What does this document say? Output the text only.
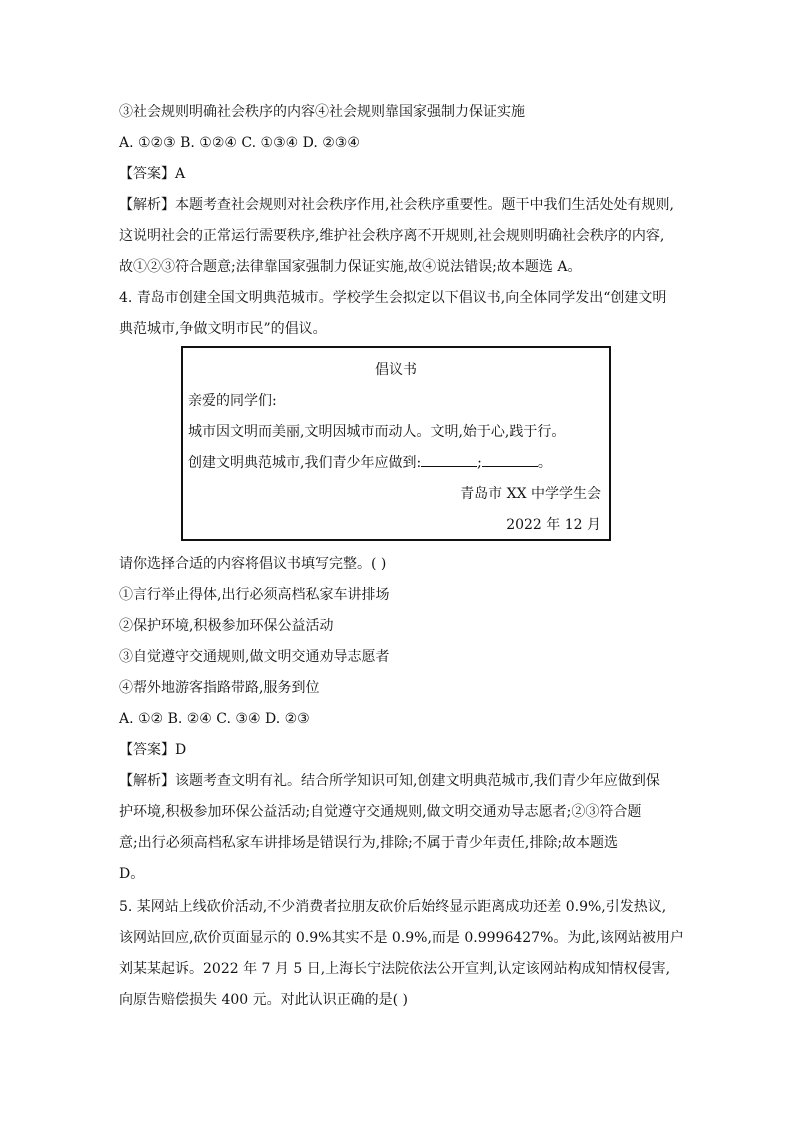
③社会规则明确社会秩序的内容④社会规则靠国家强制力保证实施
A. ①②③ B. ①②④ C. ①③④ D. ②③④
【答案】A
【解析】本题考查社会规则对社会秩序作用,社会秩序重要性。题干中我们生活处处有规则,
这说明社会的正常运行需要秩序,维护社会秩序离不开规则,社会规则明确社会秩序的内容,
故①②③符合题意;法律靠国家强制力保证实施,故④说法错误;故本题选 A。
4. 青岛市创建全国文明典范城市。学校学生会拟定以下倡议书,向全体同学发出“创建文明
典范城市,争做文明市民”的倡议。
倡议书
亲爱的同学们:
城市因文明而美丽,文明因城市而动人。文明,始于心,践于行。
创建文明典范城市,我们青少年应做到:	;	。
青岛市 XX 中学学生会
2022 年 12 月
请你选择合适的内容将倡议书填写完整。( )
①言行举止得体,出行必须高档私家车讲排场
②保护环境,积极参加环保公益活动
③自觉遵守交通规则,做文明交通劝导志愿者
④帮外地游客指路带路,服务到位
A. ①② B. ②④ C. ③④ D. ②③
【答案】D
【解析】该题考查文明有礼。结合所学知识可知,创建文明典范城市,我们青少年应做到保
护环境,积极参加环保公益活动;自觉遵守交通规则,做文明交通劝导志愿者;②③符合题
意;出行必须高档私家车讲排场是错误行为,排除;不属于青少年责任,排除;故本题选
D。
5. 某网站上线砍价活动,不少消费者拉朋友砍价后始终显示距离成功还差 0.9%,引发热议,
该网站回应,砍价页面显示的 0.9%其实不是 0.9%,而是 0.9996427%。为此,该网站被用户
刘某某起诉。2022 年 7 月 5 日,上海长宁法院依法公开宣判,认定该网站构成知情权侵害,
向原告赔偿损失 400 元。对此认识正确的是( )
